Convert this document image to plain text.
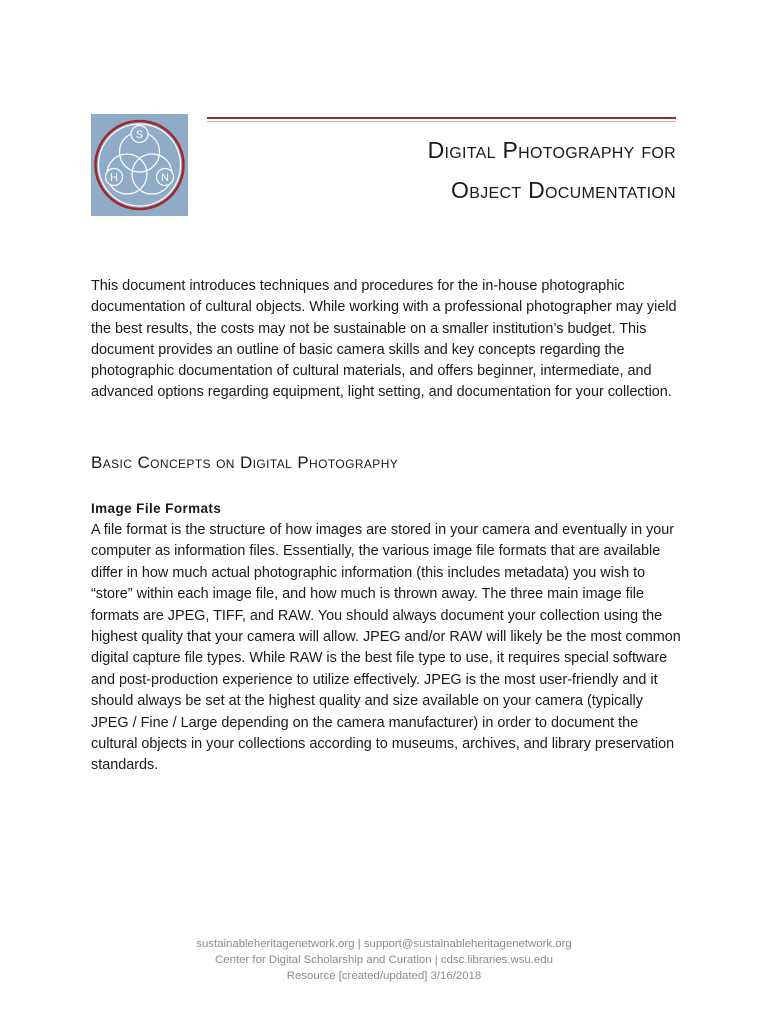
S
H	N
Digital Photography for
Object Documentation

This document introduces techniques and procedures for the in-house photographic documentation of cultural objects. While working with a professional photographer may yield the best results, the costs may not be sustainable on a smaller institution’s budget. This document provides an outline of basic camera skills and key concepts regarding the photographic documentation of cultural materials, and offers beginner, intermediate, and advanced options regarding equipment, light setting, and documentation for your collection.

Basic Concepts on Digital Photography
Image File Formats

A file format is the structure of how images are stored in your camera and eventually in your computer as information files. Essentially, the various image file formats that are available differ in how much actual photographic information (this includes metadata) you wish to “store” within each image file, and how much is thrown away. The three main image file formats are JPEG, TIFF, and RAW. You should always document your collection using the highest quality that your camera will allow. JPEG and/or RAW will likely be the most common digital capture file types. While RAW is the best file type to use, it requires special software and post-production experience to utilize effectively. JPEG is the most user-friendly and it should always be set at the highest quality and size available on your camera (typically JPEG / Fine / Large depending on the camera manufacturer) in order to document the cultural objects in your collections according to museums, archives, and library preservation standards.

sustainableheritagenetwork.org | support@sustainableheritagenetwork.org
Center for Digital Scholarship and Curation | cdsc.libraries.wsu.edu
Resource [created/updated] 3/16/2018
